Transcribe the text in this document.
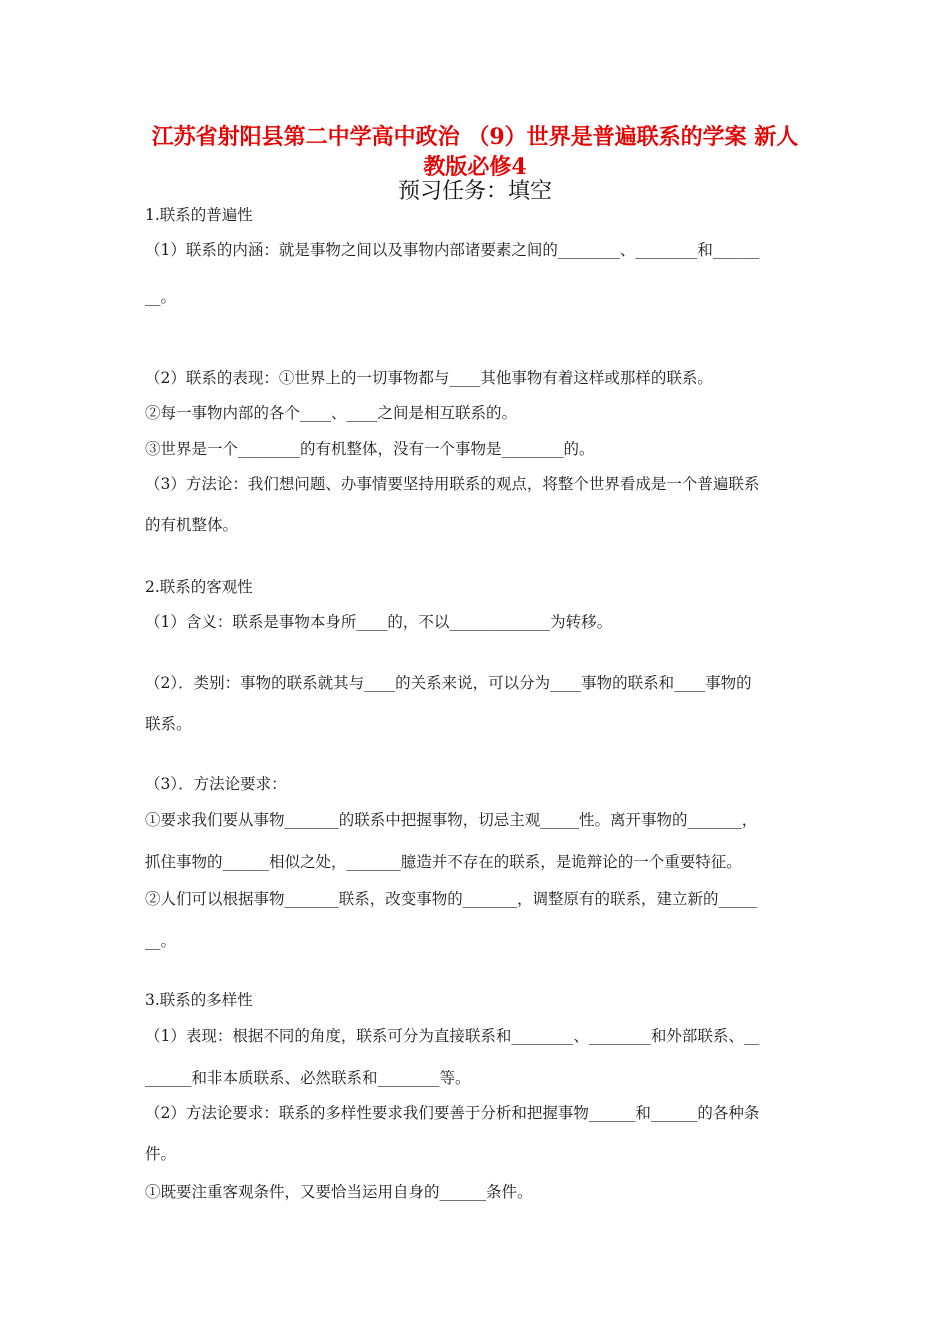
江苏省射阳县第二中学高中政治 （9）世界是普遍联系的学案 新人

教版必修4

预习任务：填空

1.联系的普遍性

（1）联系的内涵：就是事物之间以及事物内部诸要素之间的________、________和______

__。

（2）联系的表现：①世界上的一切事物都与____其他事物有着这样或那样的联系。

②每一事物内部的各个____、____之间是相互联系的。

③世界是一个________的有机整体，没有一个事物是________的。

（3）方法论：我们想问题、办事情要坚持用联系的观点，将整个世界看成是一个普遍联系

的有机整体。

2.联系的客观性

（1）含义：联系是事物本身所____的，不以_____________为转移。

（2）．类别：事物的联系就其与____的关系来说，可以分为____事物的联系和____事物的

联系。

（3）．方法论要求：

①要求我们要从事物_______的联系中把握事物，切忌主观_____性。离开事物的_______，

抓住事物的______相似之处，_______臆造并不存在的联系，是诡辩论的一个重要特征。

②人们可以根据事物_______联系，改变事物的_______，调整原有的联系，建立新的_____

__。

3.联系的多样性

（1）表现：根据不同的角度，联系可分为直接联系和________、________和外部联系、__

______和非本质联系、必然联系和________等。

（2）方法论要求：联系的多样性要求我们要善于分析和把握事物______和______的各种条

件。

①既要注重客观条件，又要恰当运用自身的______条件。
